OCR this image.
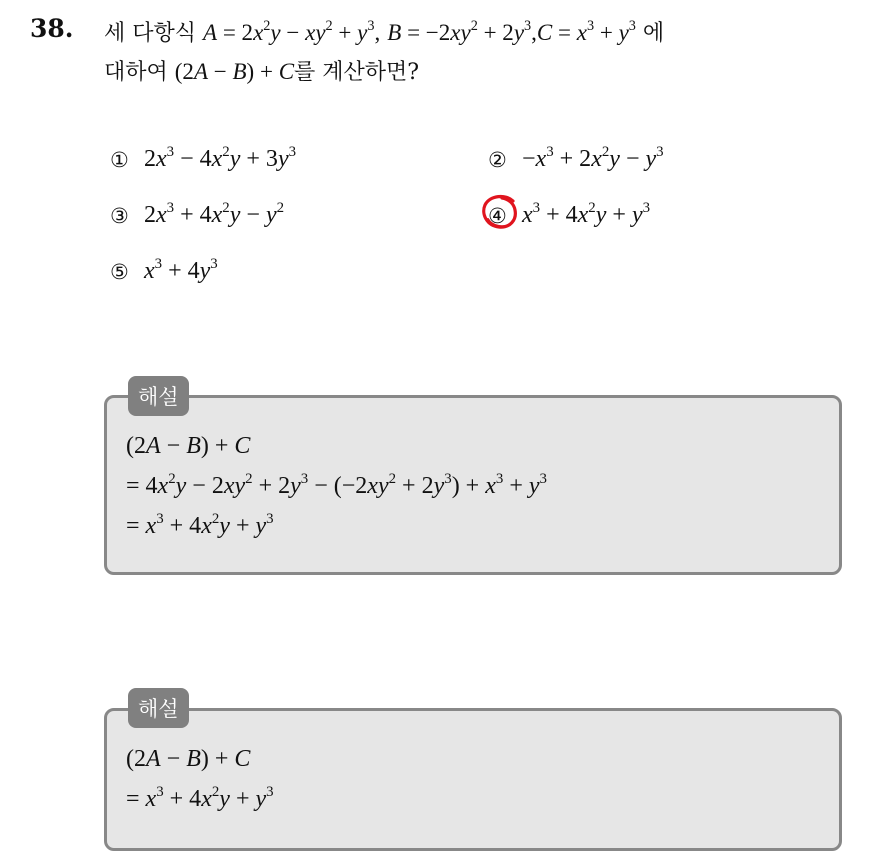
38. 세 다항식 $A = 2x^2y - xy^2 + y^3$, $B = -2xy^2 + 2y^3,C = x^3 + y^3$ 에
대하여 (2A − B) + C를 계산하면?
① $2x^3 - 4x^2y + 3y^3$	② $-x^3 + 2x^2y - y^3$
③ $2x^3 + 4x^2y - y^2$	④ $x^3 + 4x^2y + y^3$
⑤ $x^3 + 4y^3$
해설
(2A − B) + C
= $4x^2y - 2xy^2 + 2y^3 - (-2xy^2 + 2y^3) + x^3 + y^3$
= $x^3 + 4x^2y + y^3$
해설
(2A − B) + C
= $x^3 + 4x^2y + y^3$
